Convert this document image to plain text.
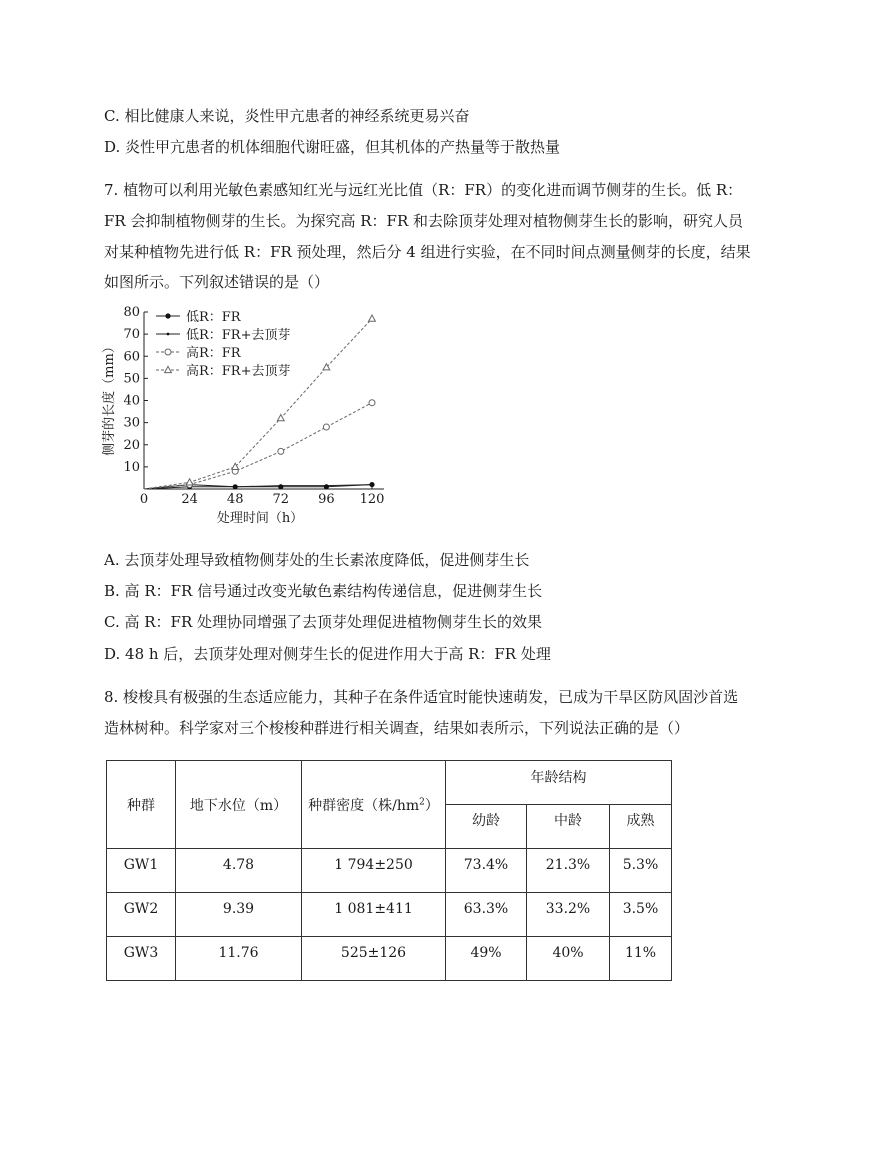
C. 相比健康人来说，炎性甲亢患者的神经系统更易兴奋
D. 炎性甲亢患者的机体细胞代谢旺盛，但其机体的产热量等于散热量
7. 植物可以利用光敏色素感知红光与远红光比值（R：FR）的变化进而调节侧芽的生长。低 R：
FR 会抑制植物侧芽的生长。为探究高 R：FR 和去除顶芽处理对植物侧芽生长的影响，研究人员
对某种植物先进行低 R：FR 预处理，然后分 4 组进行实验，在不同时间点测量侧芽的长度，结果
如图所示。下列叙述错误的是（）
0	24 48 72 96 120
10
20
30
40
50
60
70
80	低R：FR
低R：FR+去顶芽
高R：FR
高R：FR+去顶芽
处理时间（h）
侧芽的长度（mm）
A. 去顶芽处理导致植物侧芽处的生长素浓度降低，促进侧芽生长
B. 高 R：FR 信号通过改变光敏色素结构传递信息，促进侧芽生长
C. 高 R：FR 处理协同增强了去顶芽处理促进植物侧芽生长的效果
D. 48 h 后，去顶芽处理对侧芽生长的促进作用大于高 R：FR 处理
8. 梭梭具有极强的生态适应能力，其种子在条件适宜时能快速萌发，已成为干旱区防风固沙首选
造林树种。科学家对三个梭梭种群进行相关调查，结果如表所示，下列说法正确的是（）
种群	地下水位（m）	种群密度（株$/hm^2$）	年龄结构		
			幼龄	中龄	成熟
GW1	4.78	1 794±250	73.4%	21.3%	5.3%
GW2	9.39	1 081±411	63.3%	33.2%	3.5%
GW3	11.76	525±126	49%	40%	11%
